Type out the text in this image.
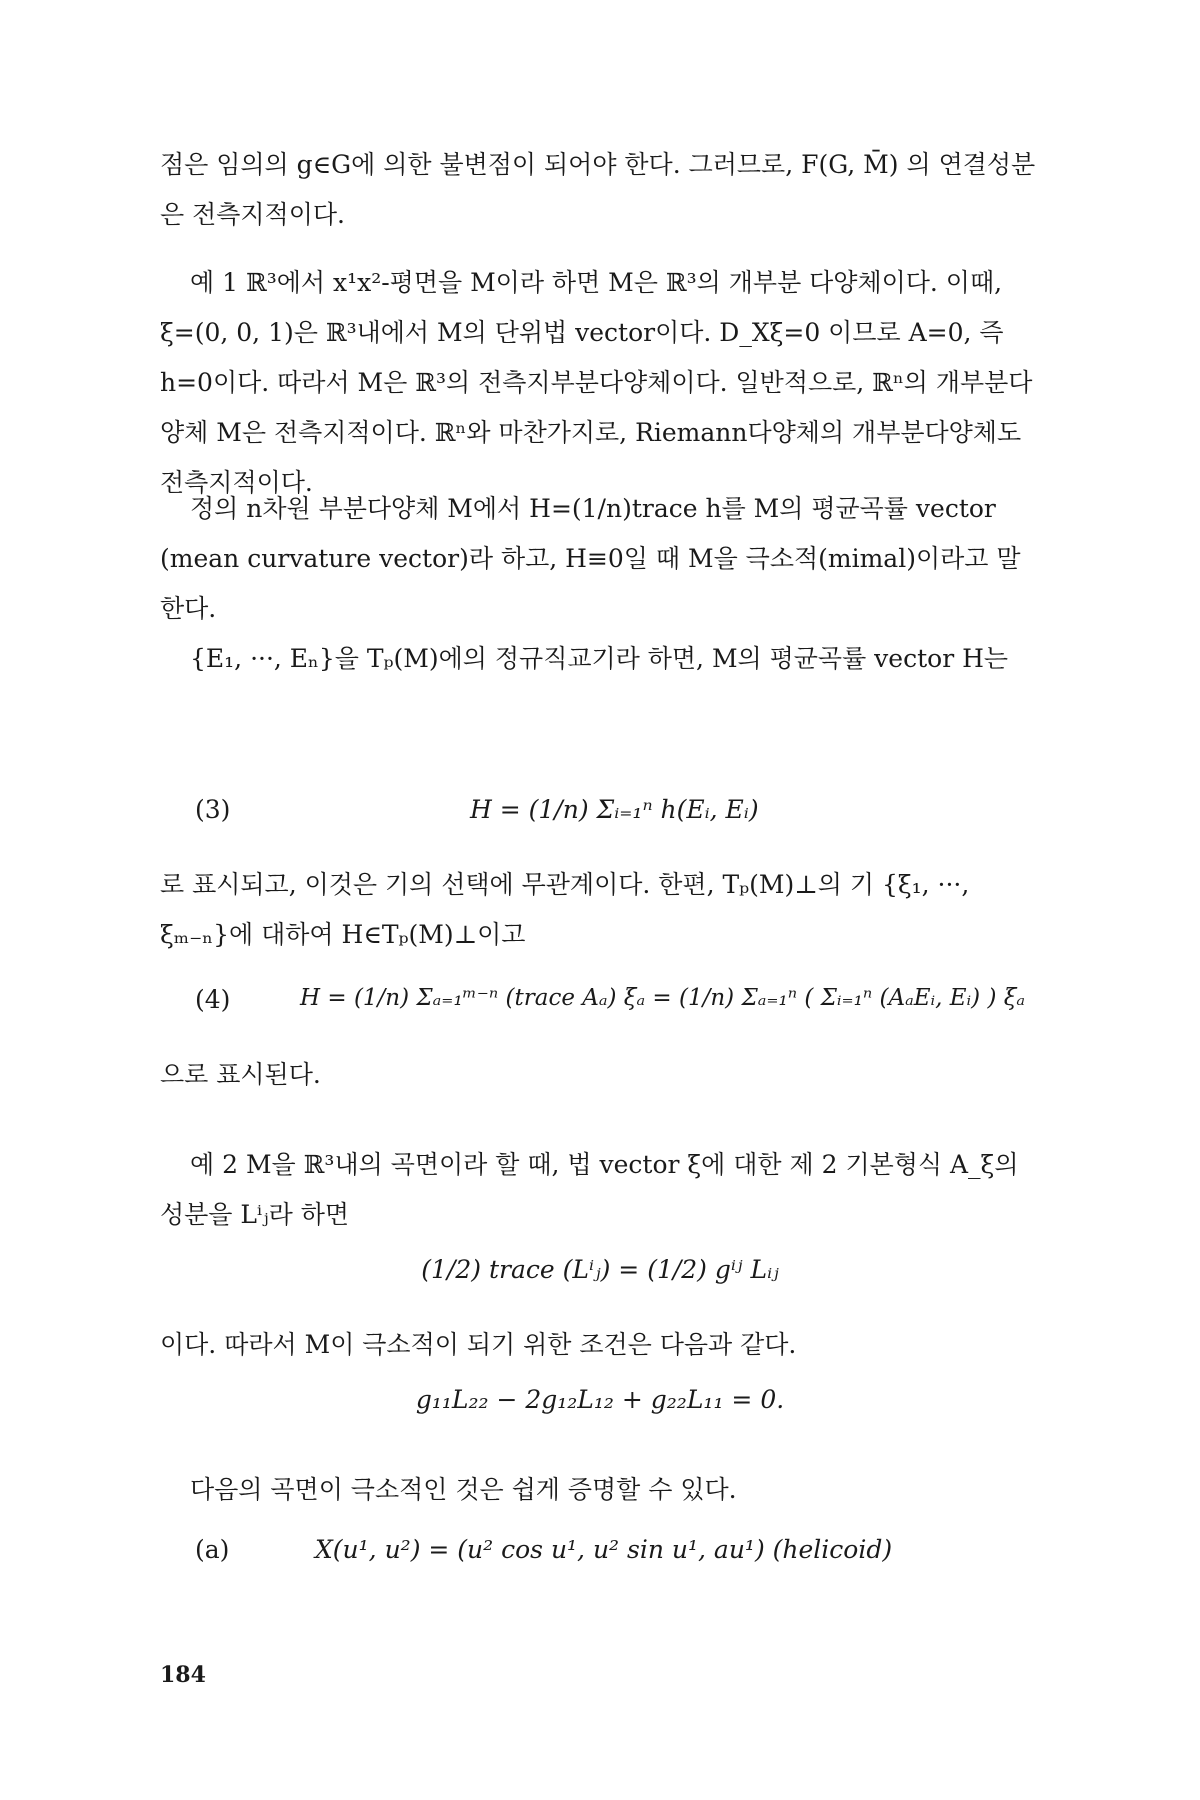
점은 임의의 g∈G에 의한 불변점이 되어야 한다. 그러므로, F(G, M̄) 의 연결성분은 전측지적이다.

예 1 ℝ³에서 x¹x²-평면을 M이라 하면 M은 ℝ³의 개부분 다양체이다. 이때, ξ=(0, 0, 1)은 ℝ³내에서 M의 단위법 vector이다. D_Xξ=0 이므로 A=0, 즉 h=0이다. 따라서 M은 ℝ³의 전측지부분다양체이다. 일반적으로, ℝⁿ의 개부분다양체 M은 전측지적이다. ℝⁿ와 마찬가지로, Riemann다양체의 개부분다양체도 전측지적이다.

정의 n차원 부분다양체 M에서 H=(1/n)trace h를 M의 평균곡률 vector (mean curvature vector)라 하고, H≡0일 때 M을 극소적(mimal)이라고 말한다.

{E₁, ···, Eₙ}을 Tₚ(M)에의 정규직교기라 하면, M의 평균곡률 vector H는

(3)	H = (1/n) Σᵢ₌₁ⁿ h(Eᵢ, Eᵢ)

로 표시되고, 이것은 기의 선택에 무관계이다. 한편, Tₚ(M)⊥의 기 {ξ₁, ···, ξₘ₋ₙ}에 대하여 H∈Tₚ(M)⊥이고

(4)	H = (1/n) Σₐ₌₁ᵐ⁻ⁿ (trace Aₐ) ξₐ = (1/n) Σₐ₌₁ⁿ ( Σᵢ₌₁ⁿ (AₐEᵢ, Eᵢ) ) ξₐ

으로 표시된다.

예 2 M을 ℝ³내의 곡면이라 할 때, 법 vector ξ에 대한 제 2 기본형식 A_ξ의 성분을 Lⁱⱼ라 하면

(1/2) trace (Lⁱⱼ) = (1/2) gⁱʲ Lᵢⱼ

이다. 따라서 M이 극소적이 되기 위한 조건은 다음과 같다.

g₁₁L₂₂ − 2g₁₂L₁₂ + g₂₂L₁₁ = 0.

다음의 곡면이 극소적인 것은 쉽게 증명할 수 있다.

(a)	X(u¹, u²) = (u² cos u¹, u² sin u¹, au¹) (helicoid)
184
